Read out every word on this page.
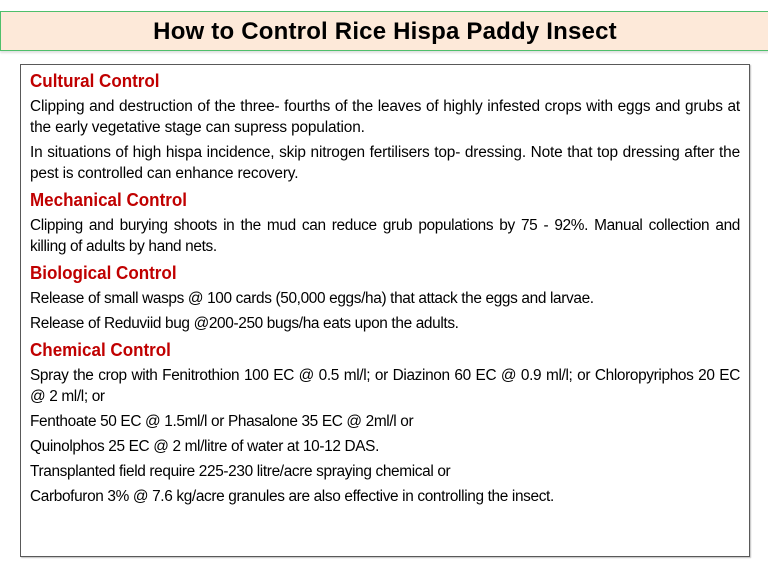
How to Control Rice Hispa Paddy Insect
Cultural Control

Clipping and destruction of the three- fourths of the leaves of highly infested crops with eggs and grubs at the early vegetative stage can supress population.

In situations of high hispa incidence, skip nitrogen fertilisers top- dressing. Note that top dressing after the pest is controlled can enhance recovery.

Mechanical Control

Clipping and burying shoots in the mud can reduce grub populations by 75 - 92%. Manual collection and killing of adults by hand nets.

Biological Control

Release of small wasps @ 100 cards (50,000 eggs/ha) that attack the eggs and larvae.

Release of Reduviid bug @200-250 bugs/ha eats upon the adults.

Chemical Control

Spray the crop with Fenitrothion 100 EC @ 0.5 ml/l; or Diazinon 60 EC @ 0.9 ml/l; or Chloropyriphos 20 EC @ 2 ml/l; or

Fenthoate 50 EC @ 1.5ml/l or Phasalone 35 EC @ 2ml/l or

Quinolphos 25 EC @ 2 ml/litre of water at 10-12 DAS.

Transplanted field require 225-230 litre/acre spraying chemical or

Carbofuron 3% @ 7.6 kg/acre granules are also effective in controlling the insect.
